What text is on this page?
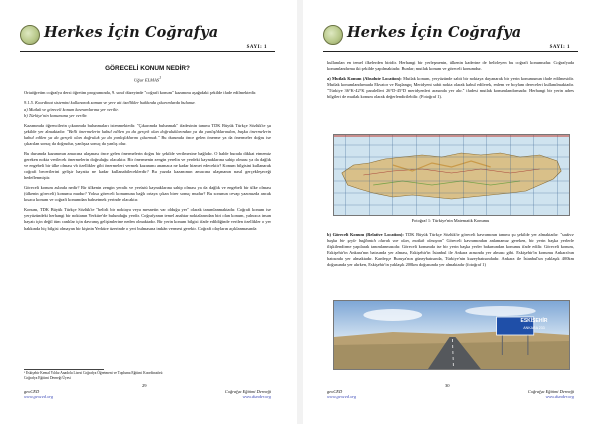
Herkes İçin Coğrafya
SAYI: 1
GÖRECELİ KONUM NEDİR?
Uğur ELMAS$^1$

Ortaöğretim coğrafya dersi öğretim programında, 9. sınıf düzeyinde "coğrafi konum" kazanımı aşağıdaki şekilde ifade edilmektedir.

9.1.5. Koordinat sistemini kullanarak zaman ve yere ait özellikler hakkında çıkarımlarda bulunur.

a) Mutlak ve göreceli konum kavramlarına yer verilir.
b) Türkiye'nin konumuna yer verilir.

Kazanımda öğrencilerin çıkarımda bulunmaları istenmektedir. "Çıkarımda bulunmak" ifadesinin tanımı TDK Büyük Türkçe Sözlük'te şu şekilde yer almaktadır: "Belli önermelerin kabul edilen ya da gerçek olan doğruluklarından ya da yanlışlıklarından, başka önermelerin kabul edilen ya da gerçek olan doğruluk ya da yanlışlıklarını çıkarmak." Bu durumda önce gelen önerme ya da önermeler doğru ise çıkarılan sonuç da doğrudur, yanlışsa sonuç da yanlış olur.

Bu durumda kazanımın amacına ulaşması önce gelen önermelerin doğru bir şekilde verilmesine bağlıdır. O halde burada dikkat etmemiz gereken nokta verilecek önermelerin doğruluğu olacaktır. Bir önermenin zengin yerelin ve yerdeki kaynaklarına sahip olması ya da dağlık ve engebeli bir ülke olması vb özellikler gibi önermeleri vermek kazanımı anamaca ne kadar hizmet edecektir? Konum bilgisini kullanarak coğrafi becerilerini gelişir hayatta ne kadar kullanabileceklerdir? Bu yazıda kazanımın amacına ulaşmanın nasıl gerçekleşeceği hedeflenmiştir.

Göreceli konum aslında nedir? Bir ülkenin zengin yeraltı ve yerüstü kaynaklarına sahip olması ya da dağlık ve engebeli bir ülke olması (ülkenin göreceli) konumu mudur? Yoksa göreceli konumuna bağlı ortaya çıkan birer sonuç mudur? Bu sorunun cevap yazımızda ancak kısaca konum ve coğrafi konumdan bahsetmek yerinde olacaktır.

Konum, TDK Büyük Türkçe Sözlük'te "belirli bir noktaya veya mesnetin var olduğu yer" olarak tanımlanmaktadır. Coğrafi konum ise yeryüzündeki herhangi bir noktanın Yerküre'de bulunduğu yerdir. Coğrafyanın temel anahtar noktalarından biri olan konum, yalnızca insan hayatı için değil tüm canlılar için davranış gelişimlerine neden olmaktadır. Bir yerin konum bilgisi ifade edildiğinde verilen özellikler o yer hakkında hiç bilgisi olmayan bir kişinin Yerküre üzerinde o yeri bulmasına imkân vermesi gerekir. Coğrafi olayların açıklanmasında

¹ Eskişehir Kemal Yıldız Anadolu Lisesi Coğrafya Öğretmeni ve Topluma Eğitimi Koordinatörü
Coğrafya Eğitimi Derneği Üyesi
29
geoCED
www.geoced.org
Coğrafya Eğitimi Derneği
www.dunder.org
Herkes İçin Coğrafya
SAYI: 1

kullanılan en temel ilkelerden biridir. Herhangi bir yerleşmenin, ülkenin kaderine de belirleyen bu coğrafi konumudur. Coğrafyada konumlandırma iki şekilde yapılmaktadır. Bunlar; mutlak konum ve göreceli konumdur.

a) Mutlak Konum (Absolute Location): Mutlak konum, yeryüzünde sabit bir noktaya dayanarak bir yerin konumunun ifade edilmesidir. Mutlak konumlandırmada Ekvator ve Başlangıç Meridyeni sabit nokta olarak kabul edilerek, enlem ve boylam dereceleri kullanılmaktadır. "Türkiye 36°K-42°K paralelleri 26°D-45°D meridyenleri arasında yer alır." ifadesi mutlak konumlandırmadır. Herhangi bir yerin adres bilgileri de mutlak konum olarak değerlendirilebilir. (Fotoğraf 1).

Fotoğraf 1: Türkiye'nin Matematik Konumu

b) Göreceli Konum (Relative Location): TDK Büyük Türkçe Sözlük'te göreceli kavramının tanımı şu şekilde yer almaktadır: "sadece başka bir şeyle bağlantılı olarak var olan, mutlak olmayan" Göreceli kavramından anlamamız gereken, bir yerin başka yerlerle ilişkilendirme yapılarak tanımlanmasıdır. Göreceli konumda ise bir yerin başka yerler bakımından konumu ifade edilir. Göreceli konum, Eskişehir'in Ankara'nın batısında yer alması, Eskişehir'in İstanbul ile Ankara arasında yer alması gibi. Eskişehir'in konumu Ankara'nın batısında yer almaktadır. Kardeşçe Buruya'nın güneybatısında, Türkiye'nin kuzeybatısındadır. Ankara ile İstanbul'un yaklaşık 400km doğusunda yer alırken, Eskişehir'in yaklaşık 200km doğusunda yer almaktadır (fotoğraf 1)

ESKİŞEHİR
ANKARA 233
30
geoCED
www.geoced.org
Coğrafya Eğitimi Derneği
www.dunder.org
